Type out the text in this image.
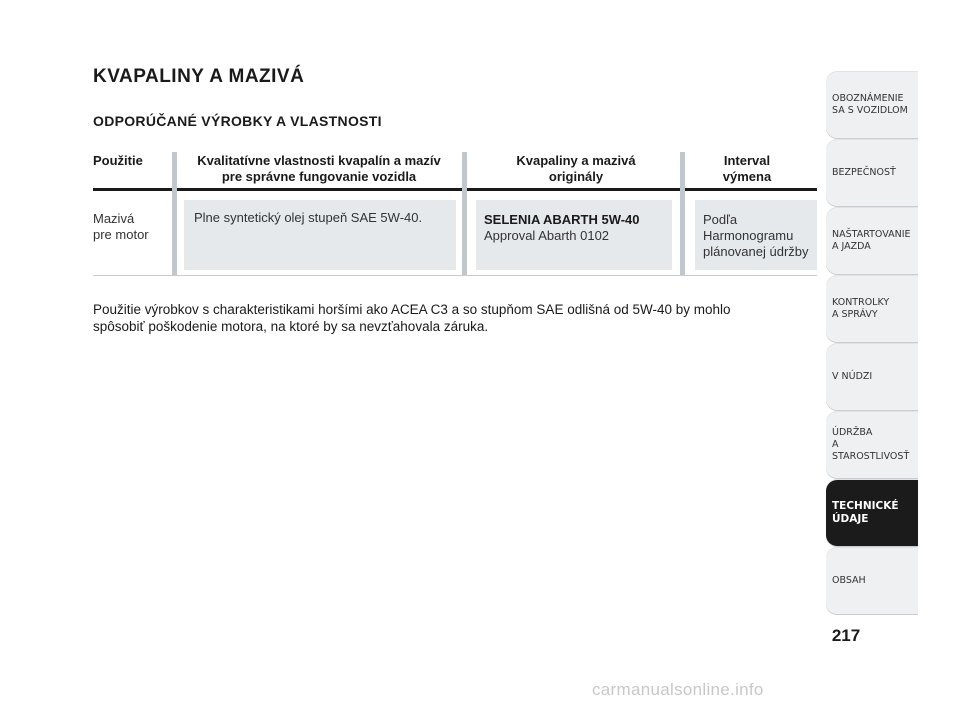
KVAPALINY A MAZIVÁ
ODPORÚČANÉ VÝROBKY A VLASTNOSTI
Použitie	Kvalitatívne vlastnosti kvapalín a mazív
pre správne fungovanie vozidla
Kvapaliny a mazivá
originály
Interval
výmena
Mazivá
pre motor
Plne syntetický olej stupeň SAE 5W-40.	SELENIA ABARTH 5W-40
Approval Abarth 0102
Podľa
Harmonogramu
plánovanej údržby
Použitie výrobkov s charakteristikami horšími ako ACEA C3 a so stupňom SAE odlišná od 5W-40 by mohlo
spôsobiť poškodenie motora, na ktoré by sa nevzťahovala záruka.
OBOZNÁMENIE
SA S VOZIDLOM
BEZPEČNOSŤ
NAŠTARTOVANIE
A JAZDA
KONTROLKY
A SPRÁVY
V NÚDZI
ÚDRŽBA
A STAROSTLIVOSŤ
TECHNICKÉ
ÚDAJE
OBSAH
217
carmanualsonline.info
